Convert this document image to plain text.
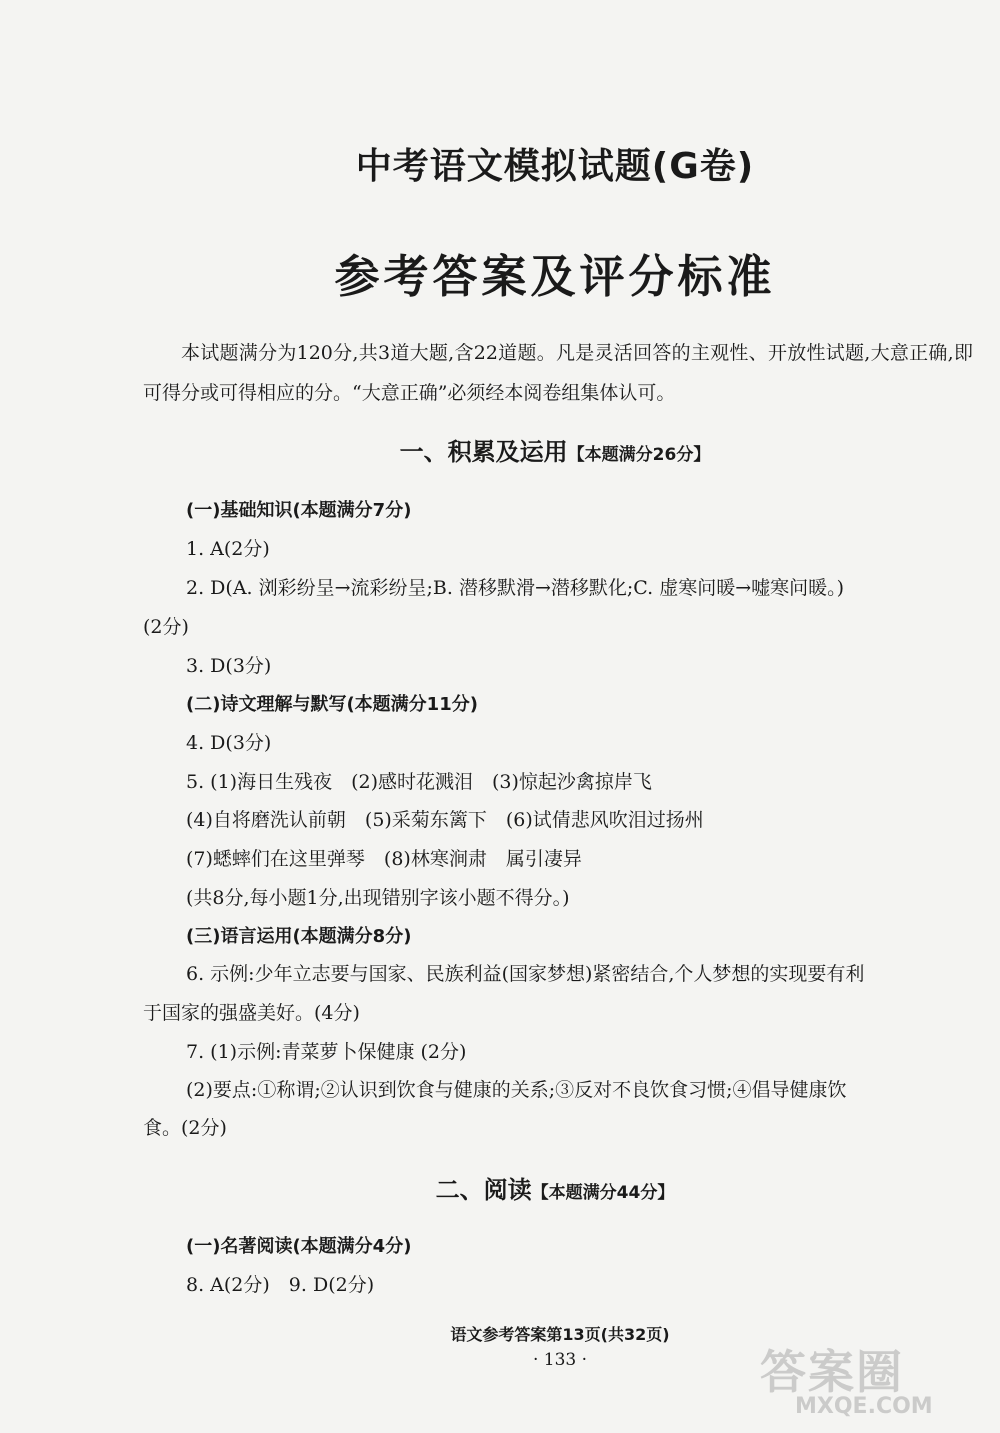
中考语文模拟试题(G卷)
参考答案及评分标准
本试题满分为120分,共3道大题,含22道题。凡是灵活回答的主观性、开放性试题,大意正确,即可得分或可得相应的分。“大意正确”必须经本阅卷组集体认可。
一、积累及运用【本题满分26分】
(一)基础知识(本题满分7分)
1. A(2分)
2. D(A. 浏彩纷呈→流彩纷呈;B. 潜移默滑→潜移默化;C. 虚寒问暖→嘘寒问暖。)
(2分)
3. D(3分)
(二)诗文理解与默写(本题满分11分)
4. D(3分)
5. (1)海日生残夜　(2)感时花溅泪　(3)惊起沙禽掠岸飞
(4)自将磨洗认前朝　(5)采菊东篱下　(6)试倩悲风吹泪过扬州
(7)蟋蟀们在这里弹琴　(8)林寒涧肃　属引凄异
(共8分,每小题1分,出现错别字该小题不得分。)
(三)语言运用(本题满分8分)
6. 示例:少年立志要与国家、民族利益(国家梦想)紧密结合,个人梦想的实现要有利
于国家的强盛美好。(4分)
7. (1)示例:青菜萝卜保健康 (2分)
(2)要点:①称谓;②认识到饮食与健康的关系;③反对不良饮食习惯;④倡导健康饮
食。(2分)
二、阅读【本题满分44分】
(一)名著阅读(本题满分4分)
8. A(2分)　9. D(2分)
语文参考答案第13页(共32页)
· 133 ·	答案圈
MXQE.COM
